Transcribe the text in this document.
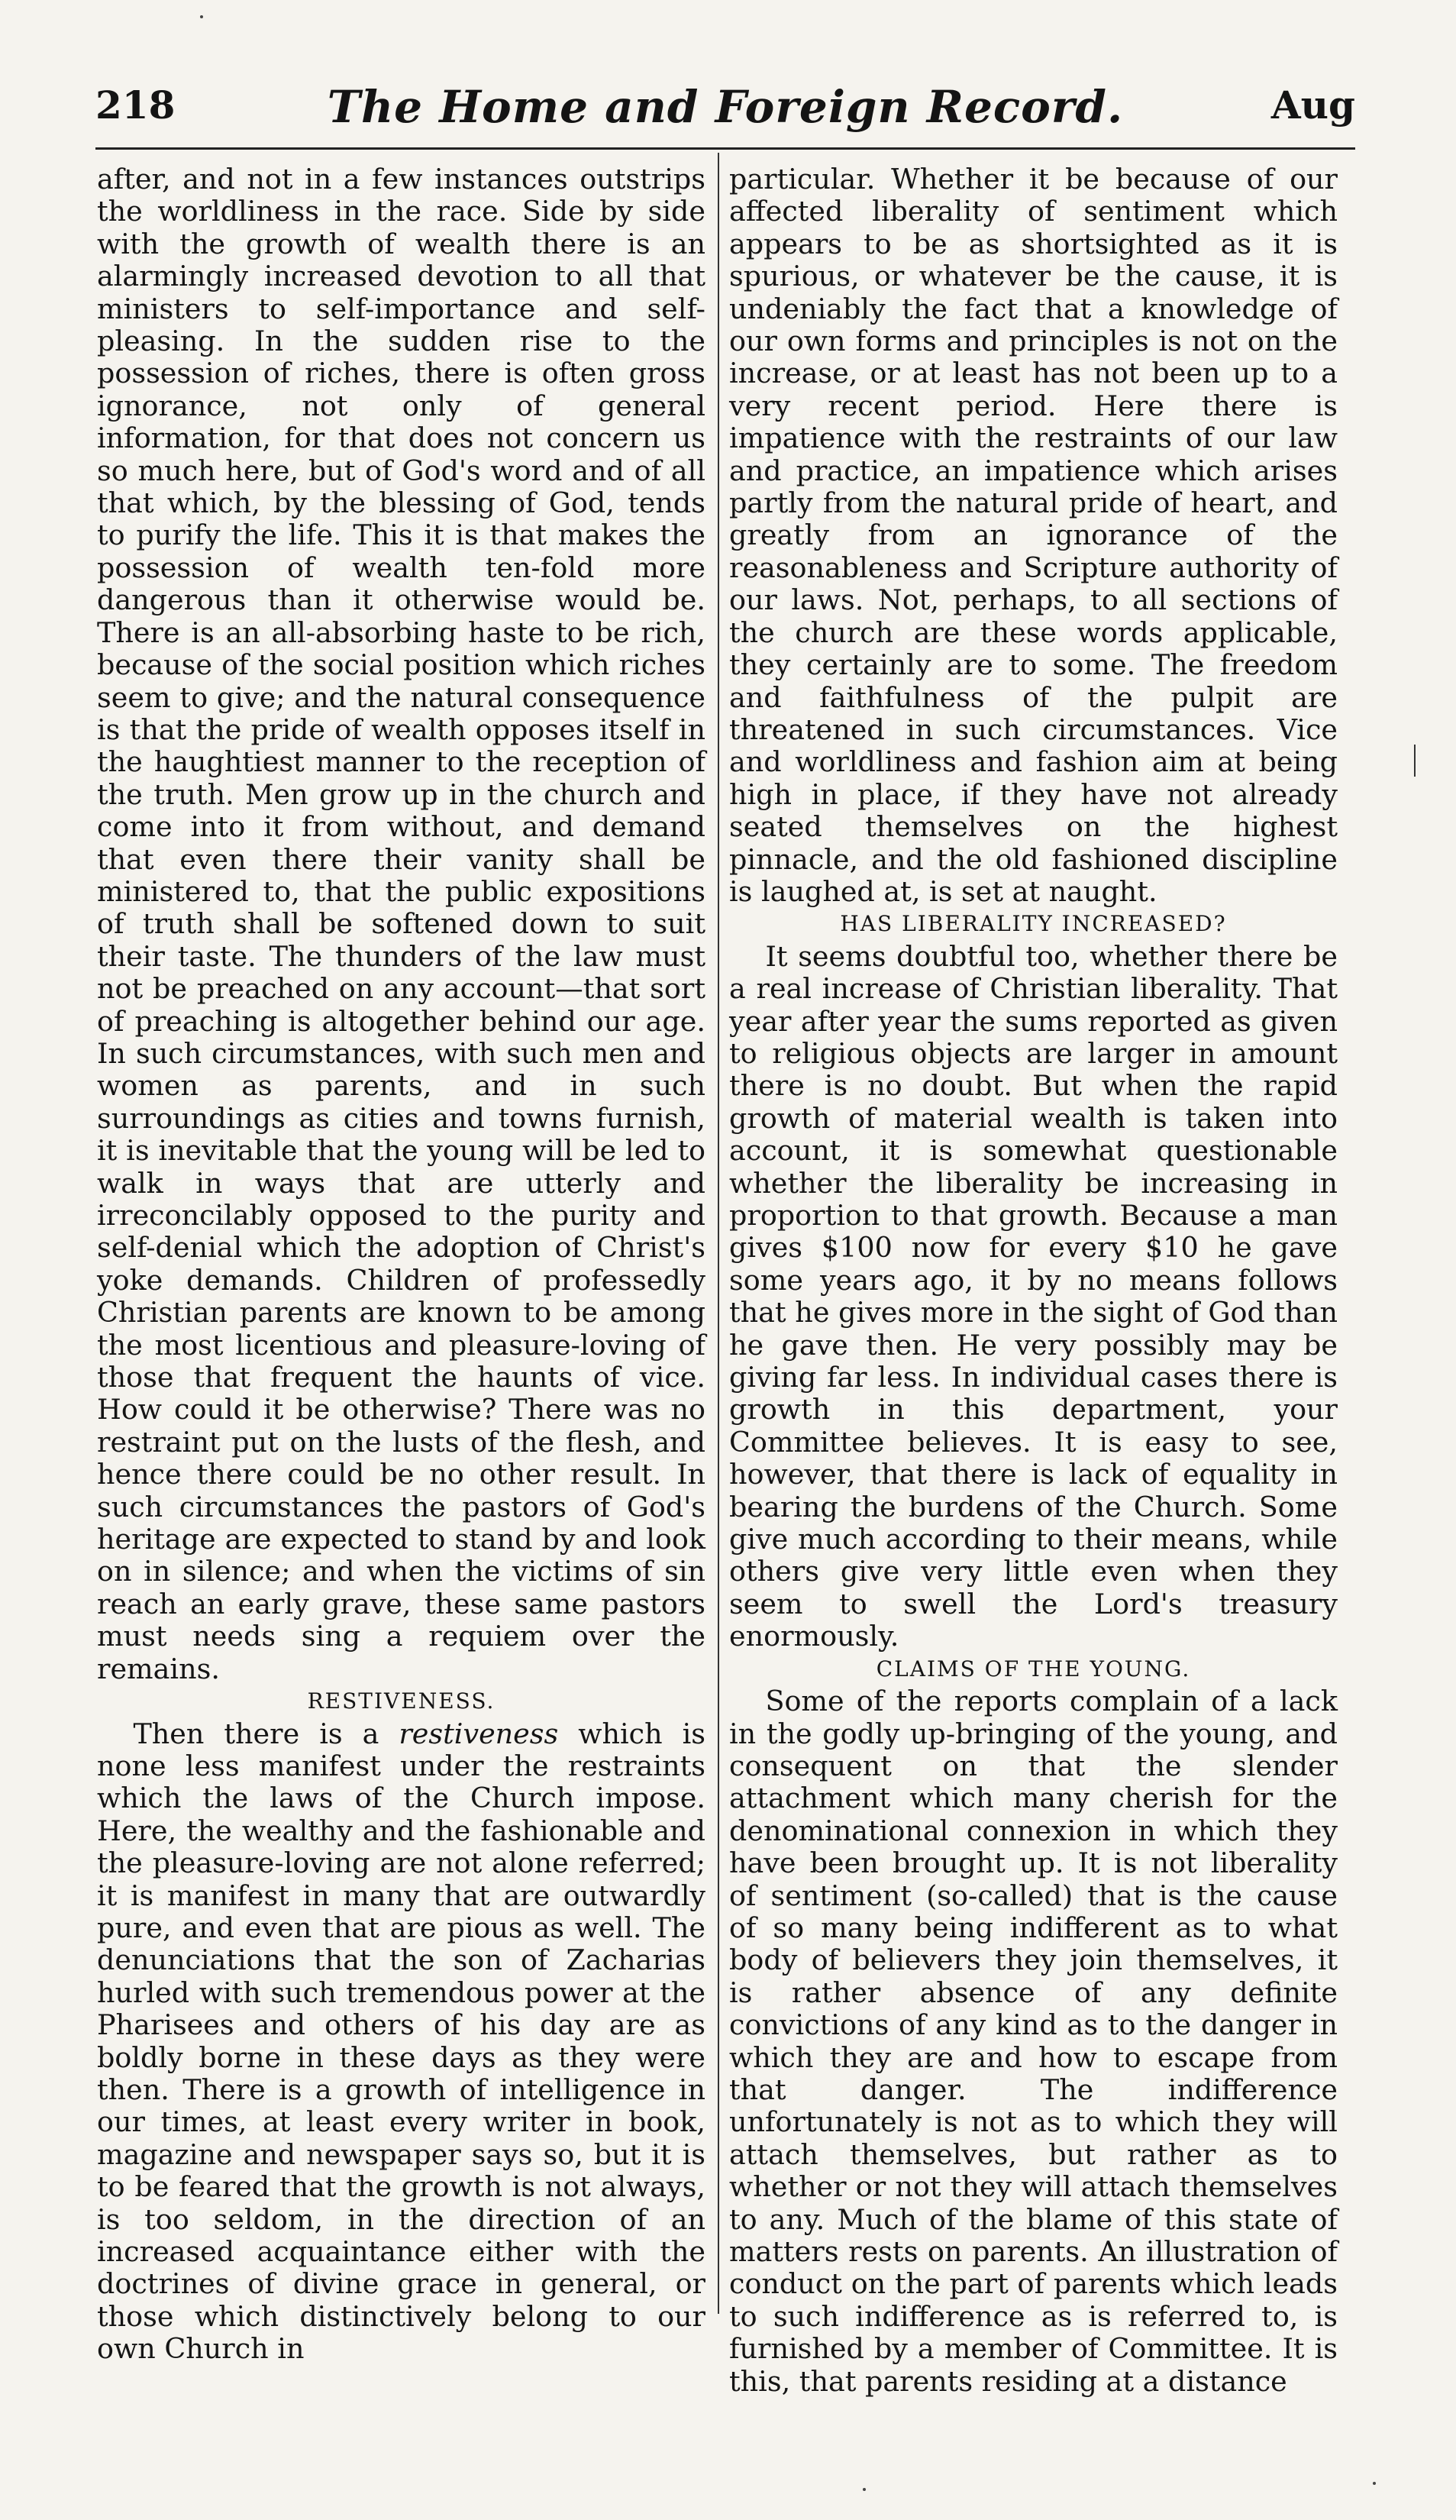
218	The Home and Foreign Record.	Aug

after, and not in a few instances outstrips the worldliness in the race. Side by side with the growth of wealth there is an alarmingly increased devotion to all that ministers to self-importance and self-pleasing. In the sudden rise to the possession of riches, there is often gross ignorance, not only of general information, for that does not concern us so much here, but of God's word and of all that which, by the blessing of God, tends to purify the life. This it is that makes the possession of wealth ten-fold more dangerous than it otherwise would be. There is an all-absorbing haste to be rich, because of the social position which riches seem to give; and the natural consequence is that the pride of wealth opposes itself in the haughtiest manner to the reception of the truth. Men grow up in the church and come into it from without, and demand that even there their vanity shall be ministered to, that the public expositions of truth shall be softened down to suit their taste. The thunders of the law must not be preached on any account—that sort of preaching is altogether behind our age. In such circumstances, with such men and women as parents, and in such surroundings as cities and towns furnish, it is inevitable that the young will be led to walk in ways that are utterly and irreconcilably opposed to the purity and self-denial which the adoption of Christ's yoke demands. Children of professedly Christian parents are known to be among the most licentious and pleasure-loving of those that frequent the haunts of vice. How could it be otherwise? There was no restraint put on the lusts of the flesh, and hence there could be no other result. In such circumstances the pastors of God's heritage are expected to stand by and look on in silence; and when the victims of sin reach an early grave, these same pastors must needs sing a requiem over the remains.

RESTIVENESS.

Then there is a restiveness which is none less manifest under the restraints which the laws of the Church impose. Here, the wealthy and the fashionable and the pleasure-loving are not alone referred; it is manifest in many that are outwardly pure, and even that are pious as well. The denunciations that the son of Zacharias hurled with such tremendous power at the Pharisees and others of his day are as boldly borne in these days as they were then. There is a growth of intelligence in our times, at least every writer in book, magazine and newspaper says so, but it is to be feared that the growth is not always, is too seldom, in the direction of an increased acquaintance either with the doctrines of divine grace in general, or those which distinctively belong to our own Church in

particular. Whether it be because of our affected liberality of sentiment which appears to be as shortsighted as it is spurious, or whatever be the cause, it is undeniably the fact that a knowledge of our own forms and principles is not on the increase, or at least has not been up to a very recent period. Here there is impatience with the restraints of our law and practice, an impatience which arises partly from the natural pride of heart, and greatly from an ignorance of the reasonableness and Scripture authority of our laws. Not, perhaps, to all sections of the church are these words applicable, they certainly are to some. The freedom and faithfulness of the pulpit are threatened in such circumstances. Vice and worldliness and fashion aim at being high in place, if they have not already seated themselves on the highest pinnacle, and the old fashioned discipline is laughed at, is set at naught.

HAS LIBERALITY INCREASED?

It seems doubtful too, whether there be a real increase of Christian liberality. That year after year the sums reported as given to religious objects are larger in amount there is no doubt. But when the rapid growth of material wealth is taken into account, it is somewhat questionable whether the liberality be increasing in proportion to that growth. Because a man gives $100 now for every $10 he gave some years ago, it by no means follows that he gives more in the sight of God than he gave then. He very possibly may be giving far less. In individual cases there is growth in this department, your Committee believes. It is easy to see, however, that there is lack of equality in bearing the burdens of the Church. Some give much according to their means, while others give very little even when they seem to swell the Lord's treasury enormously.

CLAIMS OF THE YOUNG.

Some of the reports complain of a lack in the godly up-bringing of the young, and consequent on that the slender attachment which many cherish for the denominational connexion in which they have been brought up. It is not liberality of sentiment (so-called) that is the cause of so many being indifferent as to what body of believers they join themselves, it is rather absence of any definite convictions of any kind as to the danger in which they are and how to escape from that danger. The indifference unfortunately is not as to which they will attach themselves, but rather as to whether or not they will attach themselves to any. Much of the blame of this state of matters rests on parents. An illustration of conduct on the part of parents which leads to such indifference as is referred to, is furnished by a member of Committee. It is this, that parents residing at a distance
